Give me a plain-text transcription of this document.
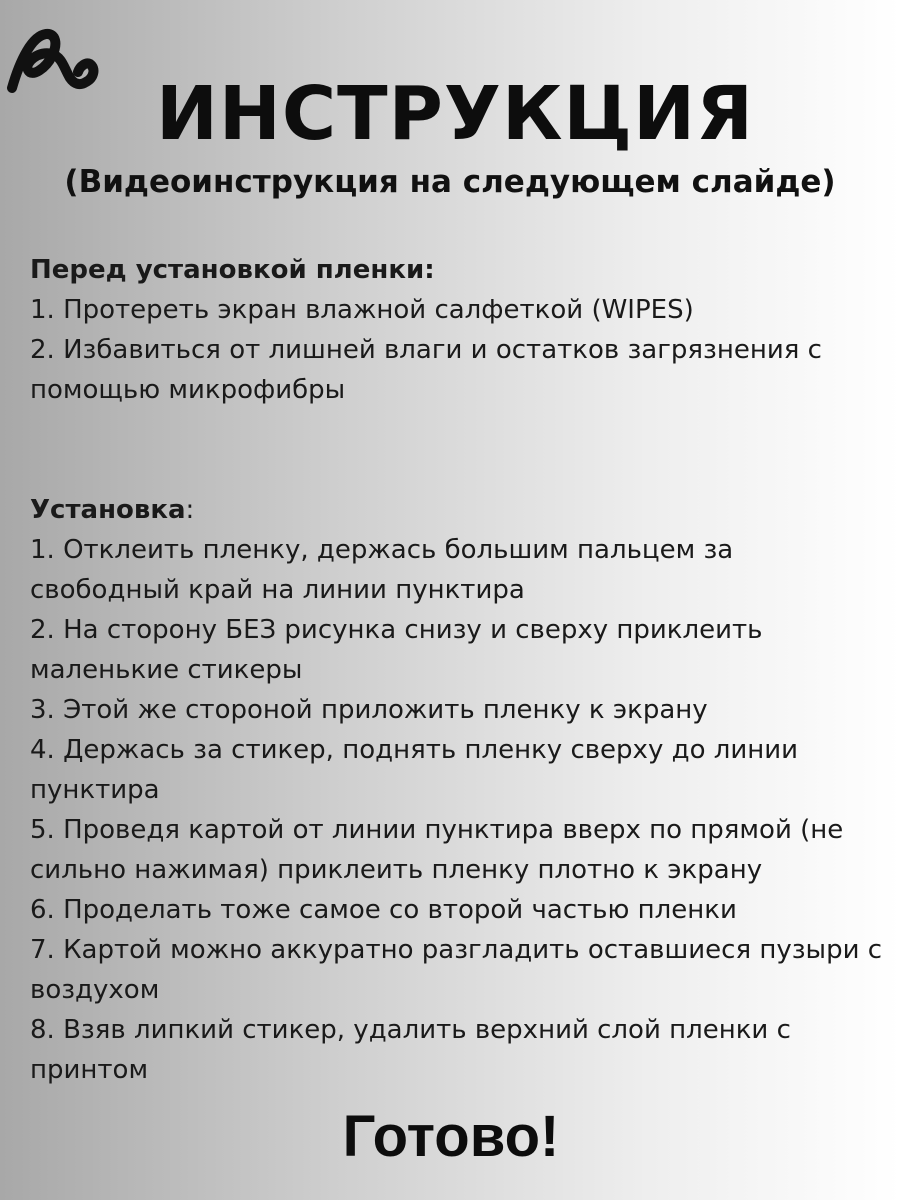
ИНСТРУКЦИЯ
(Видеоинструкция на следующем слайде)

Перед установкой пленки:

1. Протереть экран влажной салфеткой (WIPES)

2. Избавиться от лишней влаги и остатков загрязнения с помощью микрофибры

Установка:

1. Отклеить пленку, держась большим пальцем за свободный край на линии пунктира

2. На сторону БЕЗ рисунка снизу и сверху приклеить маленькие стикеры

3. Этой же стороной приложить пленку к экрану

4. Держась за стикер, поднять пленку сверху до линии пунктира

5. Проведя картой от линии пунктира вверх по прямой (не сильно нажимая) приклеить пленку плотно к экрану

6. Проделать тоже самое со второй частью пленки

7. Картой можно аккуратно разгладить оставшиеся пузыри с воздухом

8. Взяв липкий стикер, удалить верхний слой пленки с принтом

Готово!
